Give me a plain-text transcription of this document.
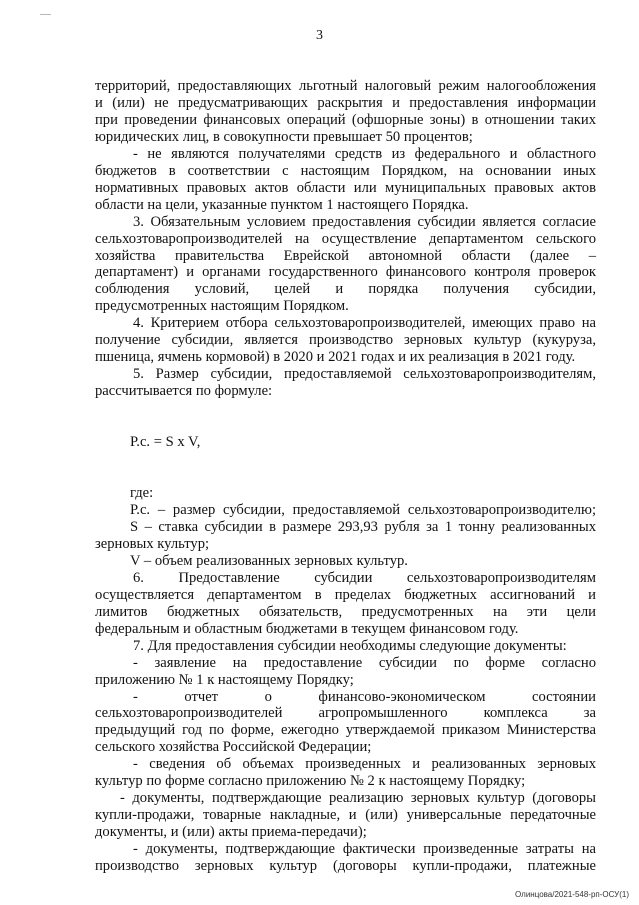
3

территорий, предоставляющих льготный налоговый режим налогообложения

и (или) не предусматривающих раскрытия и предоставления информации

при проведении финансовых операций (офшорные зоны) в отношении таких

юридических лиц, в совокупности превышает 50 процентов;

- не являются получателями средств из федерального и областного

бюджетов в соответствии с настоящим Порядком, на основании иных

нормативных правовых актов области или муниципальных правовых актов

области на цели, указанные пунктом 1 настоящего Порядка.

3. Обязательным условием предоставления субсидии является согласие

сельхозтоваропроизводителей на осуществление департаментом сельского

хозяйства правительства Еврейской автономной области (далее –

департамент) и органами государственного финансового контроля проверок

соблюдения условий, целей и порядка получения субсидии,

предусмотренных настоящим Порядком.

4. Критерием отбора сельхозтоваропроизводителей, имеющих право на

получение субсидии, является производство зерновых культур (кукуруза,

пшеница, ячмень кормовой) в 2020 и 2021 годах и их реализация в 2021 году.

5. Размер субсидии, предоставляемой сельхозтоваропроизводителям,

рассчитывается по формуле:

Р.с. = S x V,

где:

Р.с. – размер субсидии, предоставляемой сельхозтоваропроизводителю;

S – ставка субсидии в размере 293,93 рубля за 1 тонну реализованных

зерновых культур;

V – объем реализованных зерновых культур.

6. Предоставление субсидии сельхозтоваропроизводителям

осуществляется департаментом в пределах бюджетных ассигнований и

лимитов бюджетных обязательств, предусмотренных на эти цели

федеральным и областным бюджетами в текущем финансовом году.

7. Для предоставления субсидии необходимы следующие документы:

- заявление на предоставление субсидии по форме согласно

приложению № 1 к настоящему Порядку;

- отчет о финансово-экономическом состоянии

сельхозтоваропроизводителей агропромышленного комплекса за

предыдущий год по форме, ежегодно утверждаемой приказом Министерства

сельского хозяйства Российской Федерации;

- сведения об объемах произведенных и реализованных зерновых

культур по форме согласно приложению № 2 к настоящему Порядку;

- документы, подтверждающие реализацию зерновых культур (договоры

купли-продажи, товарные накладные, и (или) универсальные передаточные

документы, и (или) акты приема-передачи);

- документы, подтверждающие фактически произведенные затраты на

производство зерновых культур (договоры купли-продажи, платежные

Олинцова/2021-548-рп-ОСУ(1)
